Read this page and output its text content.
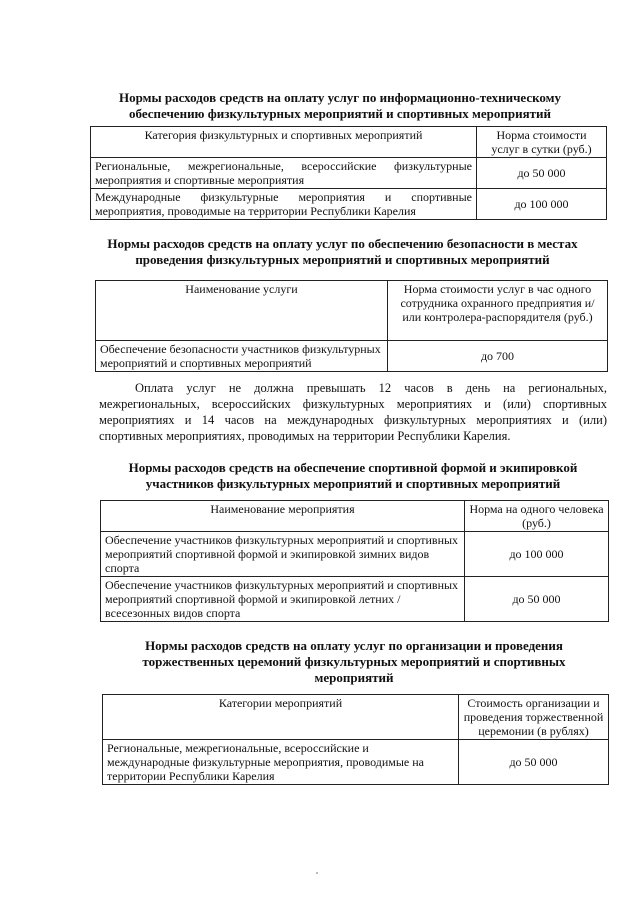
Нормы расходов средств на оплату услуг по информационно-техническому
обеспечению физкультурных мероприятий и спортивных мероприятий
Категория физкультурных и спортивных мероприятий	Норма стоимости услуг в сутки (руб.)
Региональные, межрегиональные, всероссийские физкультурные мероприятия и спортивные мероприятия	до 50 000
Международные физкультурные мероприятия и спортивные мероприятия, проводимые на территории Республики Карелия	до 100 000
Нормы расходов средств на оплату услуг по обеспечению безопасности в местах
проведения физкультурных мероприятий и спортивных мероприятий
Наименование услуги	Норма стоимости услуг в час одного сотрудника охранного предприятия и/или контролера-распорядителя (руб.)
Обеспечение безопасности участников физкультурных мероприятий и спортивных мероприятий	до 700

Оплата услуг не должна превышать 12 часов в день на региональных, межрегиональных, всероссийских физкультурных мероприятиях и (или) спортивных мероприятиях и 14 часов на международных физкультурных мероприятиях и (или) спортивных мероприятиях, проводимых на территории Республики Карелия.

Нормы расходов средств на обеспечение спортивной формой и экипировкой
участников физкультурных мероприятий и спортивных мероприятий
Наименование мероприятия	Норма на одного человека (руб.)
Обеспечение участников физкультурных мероприятий и спортивных мероприятий спортивной формой и экипировкой зимних видов спорта	до 100 000
Обеспечение участников физкультурных мероприятий и спортивных мероприятий спортивной формой и экипировкой летних /всесезонных видов спорта	до 50 000
Нормы расходов средств на оплату услуг по организации и проведения
торжественных церемоний физкультурных мероприятий и спортивных
мероприятий
Категории мероприятий	Стоимость организации и проведения торжественной церемонии (в рублях)
Региональные, межрегиональные, всероссийские и международные физкультурные мероприятия, проводимые на территории Республики Карелия	до 50 000
